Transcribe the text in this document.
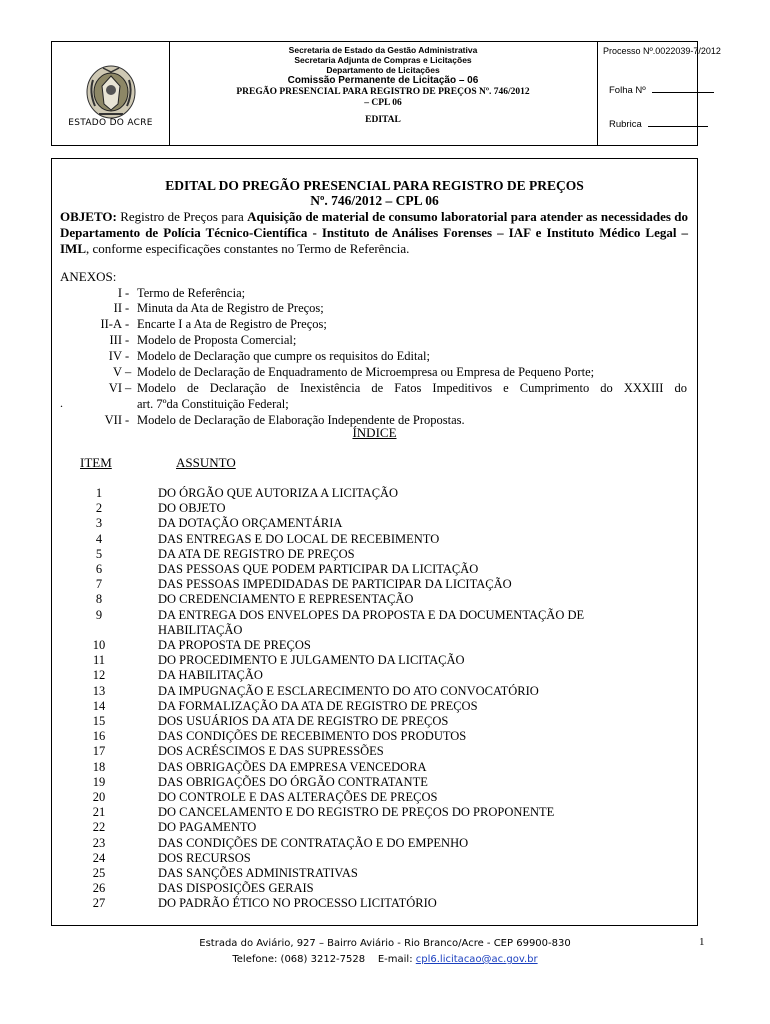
ESTADO DO ACRE
Secretaria de Estado da Gestão Administrativa
Secretaria Adjunta de Compras e Licitações
Departamento de Licitações
Comissão Permanente de Licitação – 06
PREGÃO PRESENCIAL PARA REGISTRO DE PREÇOS Nº. 746/2012
– CPL 06
EDITAL
Processo Nº.0022039-7/2012
Folha Nº
Rubrica
EDITAL DO PREGÃO PRESENCIAL PARA REGISTRO DE PREÇOS
Nº. 746/2012 – CPL 06
OBJETO: Registro de Preços para Aquisição de material de consumo laboratorial para atender as necessidades do Departamento de Polícia Técnico-Científica - Instituto de Análises Forenses – IAF e Instituto Médico Legal – IML, conforme especificações constantes no Termo de Referência.
ANEXOS:
I - Termo de Referência;
II - Minuta da Ata de Registro de Preços;
II-A - Encarte I a Ata de Registro de Preços;
III - Modelo de Proposta Comercial;
IV - Modelo de Declaração que cumpre os requisitos do Edital;
V – Modelo de Declaração de Enquadramento de Microempresa ou Empresa de Pequeno Porte;
VI – Modelo de Declaração de Inexistência de Fatos Impeditivos e Cumprimento do XXXIII do
art. 7ºda Constituição Federal;
VII - Modelo de Declaração de Elaboração Independente de Propostas.
.
ÍNDICE
ITEM	ASSUNTO
1	DO ÓRGÃO QUE AUTORIZA A LICITAÇÃO
2	DO OBJETO
3	DA DOTAÇÃO ORÇAMENTÁRIA
4	DAS ENTREGAS E DO LOCAL DE RECEBIMENTO
5	DA ATA DE REGISTRO DE PREÇOS
6	DAS PESSOAS QUE PODEM PARTICIPAR DA LICITAÇÃO
7	DAS PESSOAS IMPEDIDADAS DE PARTICIPAR DA LICITAÇÃO
8	DO CREDENCIAMENTO E REPRESENTAÇÃO
9	DA ENTREGA DOS ENVELOPES DA PROPOSTA E DA DOCUMENTAÇÃO DE HABILITAÇÃO
10	DA PROPOSTA DE PREÇOS
11	DO PROCEDIMENTO E JULGAMENTO DA LICITAÇÃO
12	DA HABILITAÇÃO
13	DA IMPUGNAÇÃO E ESCLARECIMENTO DO ATO CONVOCATÓRIO
14	DA FORMALIZAÇÃO DA ATA DE REGISTRO DE PREÇOS
15	DOS USUÁRIOS DA ATA DE REGISTRO DE PREÇOS
16	DAS CONDIÇÕES DE RECEBIMENTO DOS PRODUTOS
17	DOS ACRÉSCIMOS E DAS SUPRESSÕES
18	DAS OBRIGAÇÕES DA EMPRESA VENCEDORA
19	DAS OBRIGAÇÕES DO ÓRGÃO CONTRATANTE
20	DO CONTROLE E DAS ALTERAÇÕES DE PREÇOS
21	DO CANCELAMENTO E DO REGISTRO DE PREÇOS DO PROPONENTE
22	DO PAGAMENTO
23	DAS CONDIÇÕES DE CONTRATAÇÃO E DO EMPENHO
24	DOS RECURSOS
25	DAS SANÇÕES ADMINISTRATIVAS
26	DAS DISPOSIÇÕES GERAIS
27	DO PADRÃO ÉTICO NO PROCESSO LICITATÓRIO
Estrada do Aviário, 927 – Bairro Aviário - Rio Branco/Acre - CEP 69900-830
Telefone: (068) 3212-7528 E-mail: cpl6.licitacao@ac.gov.br
1
